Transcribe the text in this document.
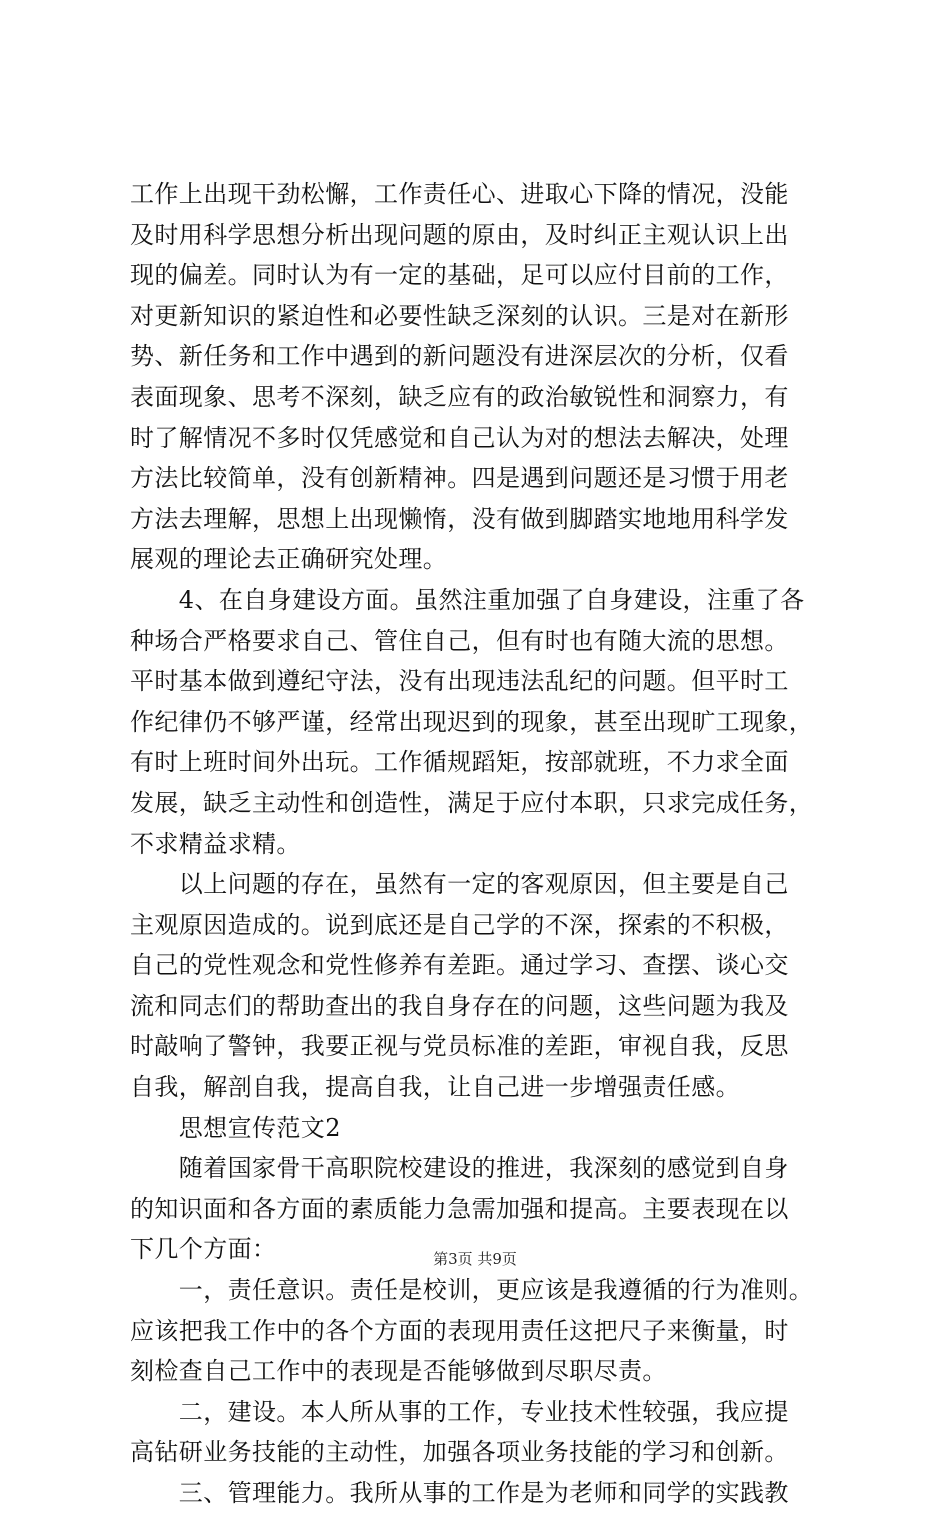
工作上出现干劲松懈，工作责任心、进取心下降的情况，没能
及时用科学思想分析出现问题的原由，及时纠正主观认识上出
现的偏差。同时认为有一定的基础，足可以应付目前的工作，
对更新知识的紧迫性和必要性缺乏深刻的认识。三是对在新形
势、新任务和工作中遇到的新问题没有进深层次的分析，仅看
表面现象、思考不深刻，缺乏应有的政治敏锐性和洞察力，有
时了解情况不多时仅凭感觉和自己认为对的想法去解决，处理
方法比较简单，没有创新精神。四是遇到问题还是习惯于用老
方法去理解，思想上出现懒惰，没有做到脚踏实地地用科学发
展观的理论去正确研究处理。
　　4、在自身建设方面。虽然注重加强了自身建设，注重了各
种场合严格要求自己、管住自己，但有时也有随大流的思想。
平时基本做到遵纪守法，没有出现违法乱纪的问题。但平时工
作纪律仍不够严谨，经常出现迟到的现象，甚至出现旷工现象，
有时上班时间外出玩。工作循规蹈矩，按部就班，不力求全面
发展，缺乏主动性和创造性，满足于应付本职，只求完成任务，
不求精益求精。
　　以上问题的存在，虽然有一定的客观原因，但主要是自己
主观原因造成的。说到底还是自己学的不深，探索的不积极，
自己的党性观念和党性修养有差距。通过学习、查摆、谈心交
流和同志们的帮助查出的我自身存在的问题，这些问题为我及
时敲响了警钟，我要正视与党员标准的差距，审视自我，反思
自我，解剖自我，提高自我，让自己进一步增强责任感。
　　思想宣传范文2
　　随着国家骨干高职院校建设的推进，我深刻的感觉到自身
的知识面和各方面的素质能力急需加强和提高。主要表现在以
下几个方面：
　　一，责任意识。责任是校训，更应该是我遵循的行为准则。
应该把我工作中的各个方面的表现用责任这把尺子来衡量，时
刻检查自己工作中的表现是否能够做到尽职尽责。
　　二，建设。本人所从事的工作，专业技术性较强，我应提
高钻研业务技能的主动性，加强各项业务技能的学习和创新。
　　三、管理能力。我所从事的工作是为老师和同学的实践教
第3页 共9页
